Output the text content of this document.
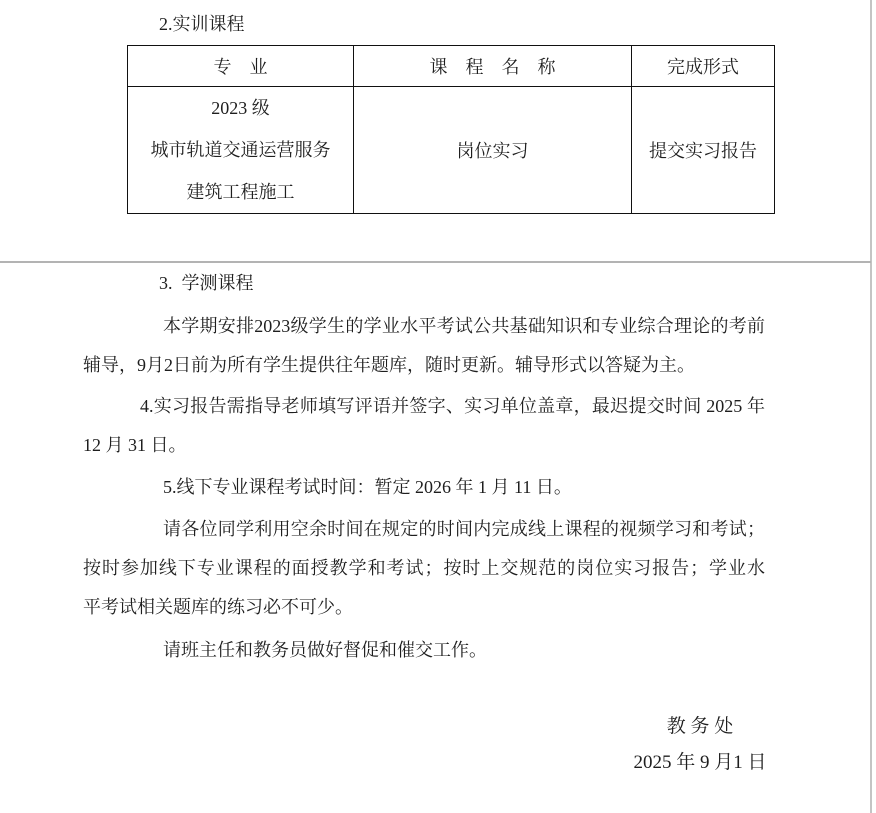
2.实训课程
专　业	课　程　名　称	完成形式

2023 级
城市轨道交通运营服务
建筑工程施工	岗位实习	提交实习报告
3.  学测课程
本学期安排2023级学生的学业水平考试公共基础知识和专业综合理论的考前
辅导，9月2日前为所有学生提供往年题库，随时更新。辅导形式以答疑为主。
4.实习报告需指导老师填写评语并签字、实习单位盖章，最迟提交时间 2025 年
12 月 31 日。
5.线下专业课程考试时间：暂定 2026 年 1 月 11 日。
请各位同学利用空余时间在规定的时间内完成线上课程的视频学习和考试；
按时参加线下专业课程的面授教学和考试；按时上交规范的岗位实习报告；学业水
平考试相关题库的练习必不可少。
请班主任和教务员做好督促和催交工作。
教 务 处
2025 年 9 月1 日
